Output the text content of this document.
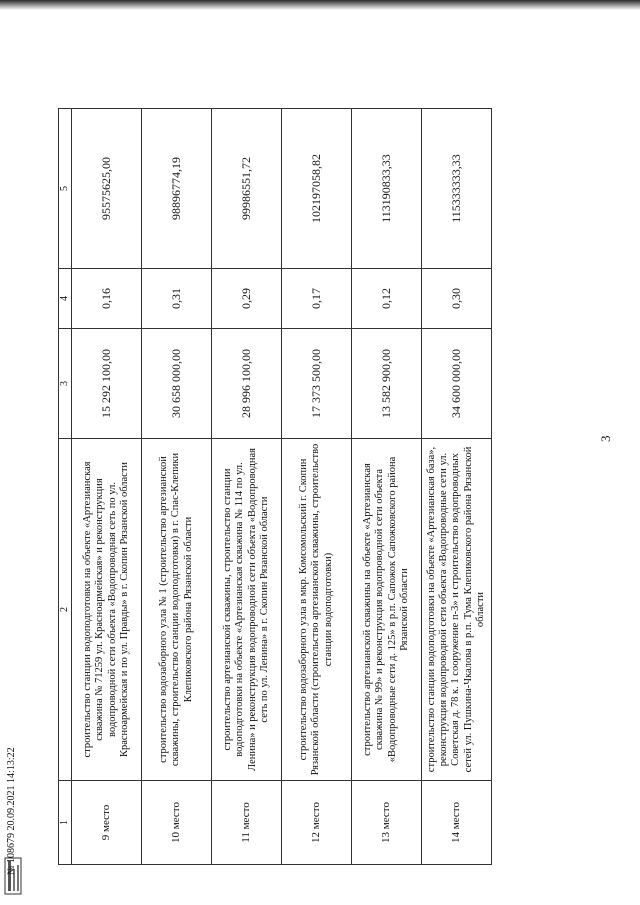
3
1	2	3	4	5
9 место	строительство станции водоподготовки на объекте «Артезианская скважина № 71259 ул. Красноармейская» и реконструкция водопроводной сети объекта «Водопроводная сеть по ул. Красноармейская и по ул. Правды» в г. Скопин Рязанской области	15 292 100,00	0,16	95575625,00
10 место	строительство водозаборного узла № 1 (строительство артезианской скважины, строительство станции водоподготовки) в г. Спас-Клепики Клепиковского района Рязанской области	30 658 000,00	0,31	98896774,19
11 место	строительство артезианской скважины, строительство станции водоподготовки на объекте «Артезианская скважина № 114 по ул. Ленина» и реконструкция водопроводной сети объекта «Водопроводная сеть по ул. Ленина» в г. Скопин Рязанской области	28 996 100,00	0,29	99986551,72
12 место	строительство водозаборного узла в мкр. Комсомольский г. Скопин Рязанской области (строительство артезианской скважины, строительство станции водоподготовки)	17 373 500,00	0,17	102197058,82
13 место	строительство артезианской скважины на объекте «Артезианская скважина № 99» и реконструкция водопроводной сети объекта «Водопроводные сети д. 125» в р.п. Сапожок Сапожковского района Рязанской области	13 582 900,00	0,12	113190833,33
14 место	строительство станции водоподготовки на объекте «Артезианская база», реконструкция водопроводной сети объекта «Водопроводные сети ул. Советская д. 78 к. 1 сооружение п-3» и строительство водопроводных сетей ул. Пушкина-Чкалова в р.п. Тума Клепиковского района Рязанской области	34 600 000,00	0,30	115333333,33
№ 108679 20.09.2021 14:13:22
